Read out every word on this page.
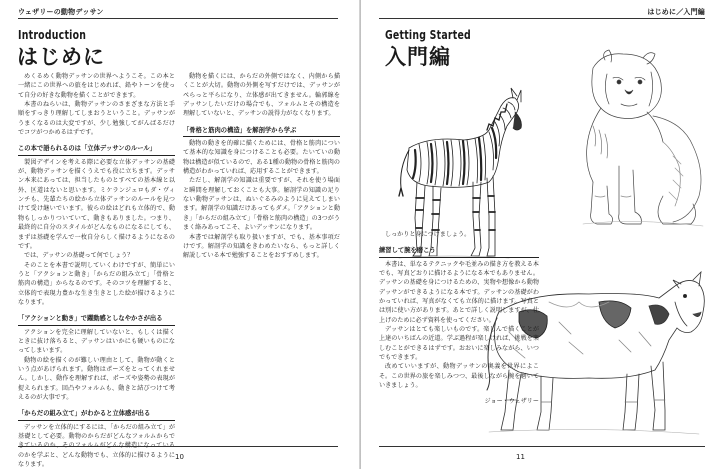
ウェザリーの動物デッサン
Introduction
はじめに

めくるめく動物デッサンの世界へようこそ。この本と一緒にこの世界への旅をはじめれば、鉛やトーンを使って自分の好きな動物を描くことができます。

本書のねらいは、動物デッサンのさまざまな方法と手順をすっきり理解してしまおうということ。デッサンがうまくなるのは大変ですが、少し勉強してがんばるだけでコツがつかめるはずです。

この本で語られるのは「立体デッサンのルール」

製図デザインを考える際に必要な立体デッサンの基礎が、動物デッサンを描くうえでも役に立ちます。デッサン本来にあっては、担当したものとすべての基本線と以外、区道はないと思います。ミケランジェロもダ・ヴィンチも、先輩たちの絵から立体デッサンのルールを見つけて受け継いでいます。彼らの絵はどれも立体的で、動物もしっかりついていて、動きもありました。つまり、最終的に自分のスタイルがどんなものになるにしても、まずは基礎を学んで一枚自分らしく描けるようになるのです。

では、デッサンの基礎って何でしょう？

そのことを本書で説明していくわけですが、簡単にいうと「アクションと動き」「からだの組み立て」「骨格と筋肉の構造」からなるのです。そのコツを理解すると、立体的で表現力豊かな生き生きとした絵が描けるようになります。

「アクションと動き」で躍動感としなやかさが出る

アクションを完全に理解していないと、もしくは描くときに抜け落ちると、デッサンはいかにも硬いものになってしまいます。

動物の絵を描くのが難しい理由として、動物が動くという点があげられます。動物はポーズをとってくれません。しかし、動作を理解すれば、ポーズや姿勢の表現が捉えられます。回凸やフォルムも、動きと結びつけて考えるのが大事です。

「からだの組み立て」がわかると立体感が出る

デッサンを立体的にするには、「からだの組み立て」が基礎として必要。動物のからだがどんなフォルムからで のかを学ぶと、どんな動物でも、立体的に描けるようになります。

動物を描くには、からだの外側ではなく、内側から描くことが大切。動物の外側を写すだけでは、デッサンがぺらっと平らになり、立体感が出てきません。輪郭線をデッサンしたいだけの場合でも、フォルムとその構造を理解していないと、デッサンの説得力がなくなります。

「骨格と筋肉の構造」を解剖学から学ぶ

動物の動きを的確に描くためには、骨格と筋肉について基本的な知識を身につけることも必要。たいていの動物は構造が似ているので、ある1種の動物の骨格と筋肉の構造がわかっていれば、応用することができます。

ただし、解剖学の知識は重要ですが、それを使う場面と瞬間を理解しておくことも大事。解剖学の知識の足りない動物デッサンは、ぬいぐるみのように見えてしまいます。解剖学の知識だけあってもダメ。「アクションと動き」「からだの組み立て」「骨格と筋肉の構造」の3つがうまく絡みあってこそ、よいデッサンになります。

本書では解剖学も取り扱いますが、でも、基本事項だけです。解剖学の知識をきわめたいなら、もっと詳しく解説している本で勉強することをおすすめします。

10
はじめに／入門編
Getting Started
入門編

しっかりと身につけましょう。

練習して腕を磨こう

本書は、単なるテクニックや毛並みの描き方を教える本でも、写真どおりに描けるようになる本でもありません。デッサンの基礎を身につけるための、実物や想像から動物デッサンができるようになる本です。デッサンの基礎がわかっていれば、写真がなくても立体的に描けます。写真とは別に使い方があります。あとで詳しく説明しますが、仕上げのために必ず資料を使ってください。

デッサンはとても楽しいものです。楽しんで描くことが上達のいちばんの近道。学ぶ過程が楽しければ、挑戦を楽しむことができるはずです。おおいに楽しみながら、いつでもできます。

改めていいますが、動物デッサンの奥義を世界によこそ。この世界の旅を楽しみつつ、最後しながら腕を磨いていきましょう。

ジョー・ウェザリー
11
